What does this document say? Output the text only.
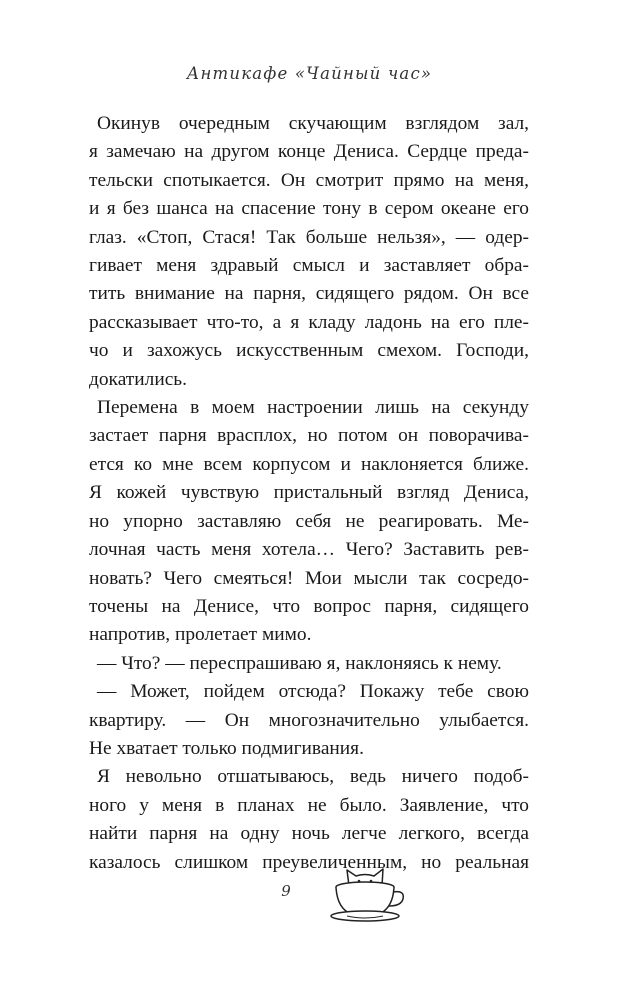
Антикафе «Чайный час»

Окинув очередным скучающим взглядом зал,
я замечаю на другом конце Дениса. Сердце преда-
тельски спотыкается. Он смотрит прямо на меня,
и я без шанса на спасение тону в сером океане его
глаз. «Стоп, Стася! Так больше нельзя», — одер-
гивает меня здравый смысл и заставляет обра-
тить внимание на парня, сидящего рядом. Он все
рассказывает что-то, а я кладу ладонь на его пле-
чо и захожусь искусственным смехом. Господи,
докатились.

Перемена в моем настроении лишь на секунду
застает парня врасплох, но потом он поворачива-
ется ко мне всем корпусом и наклоняется ближе.
Я кожей чувствую пристальный взгляд Дениса,
но упорно заставляю себя не реагировать. Ме-
лочная часть меня хотела… Чего? Заставить рев-
новать? Чего смеяться! Мои мысли так сосредо-
точены на Денисе, что вопрос парня, сидящего
напротив, пролетает мимо.

— Что? — переспрашиваю я, наклоняясь к нему.

— Может, пойдем отсюда? Покажу тебе свою
квартиру. — Он многозначительно улыбается.
Не хватает только подмигивания.

Я невольно отшатываюсь, ведь ничего подоб-
ного у меня в планах не было. Заявление, что
найти парня на одну ночь легче легкого, всегда
казалось слишком преувеличенным, но реальная

9
